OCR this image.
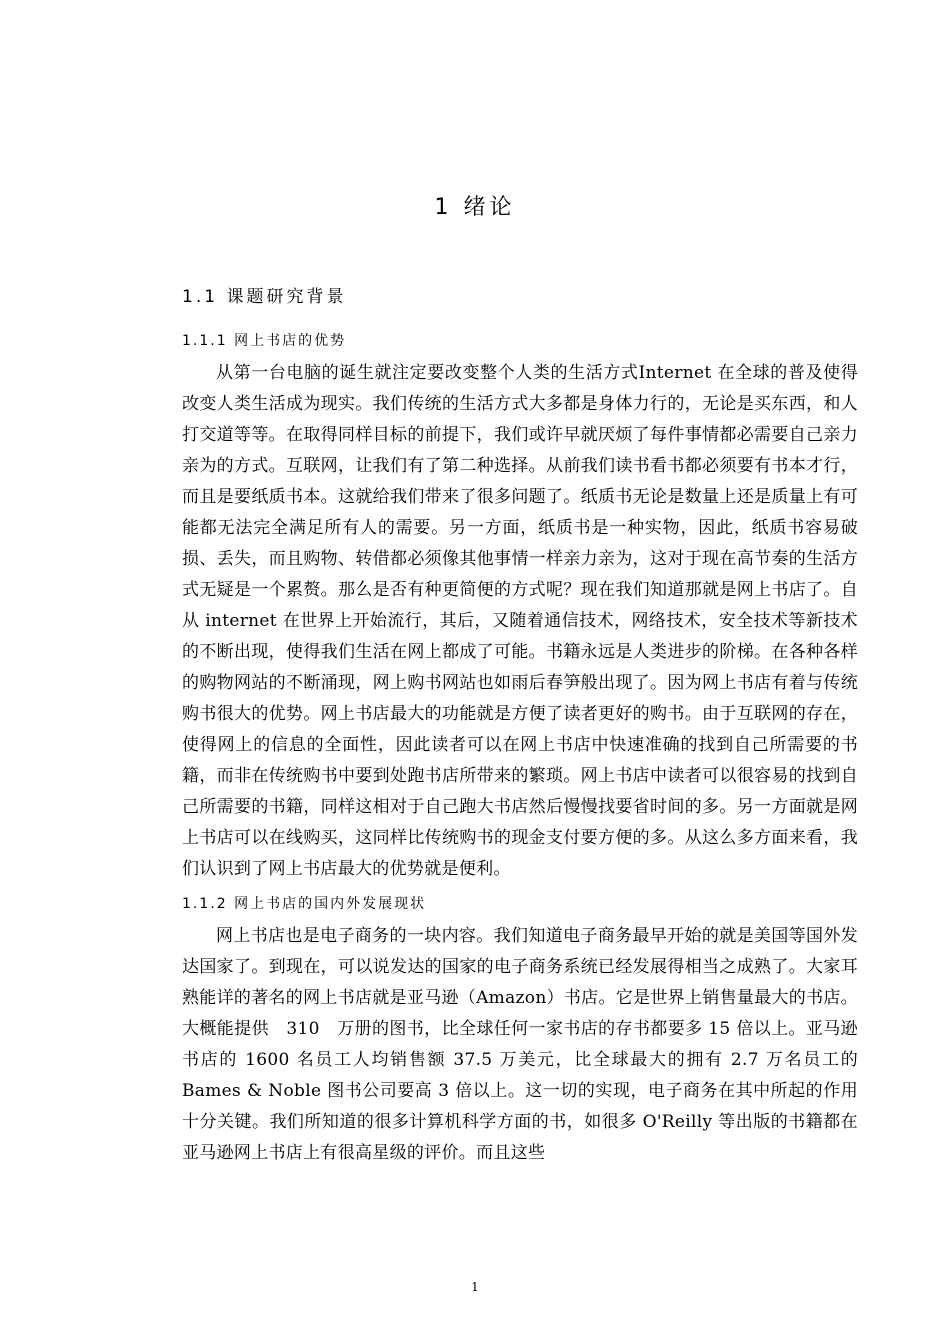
1 绪论
1.1 课题研究背景
1.1.1 网上书店的优势

从第一台电脑的诞生就注定要改变整个人类的生活方式Internet 在全球的普及使得改变人类生活成为现实。我们传统的生活方式大多都是身体力行的，无论是买东西，和人打交道等等。在取得同样目标的前提下，我们或许早就厌烦了每件事情都必需要自己亲力亲为的方式。互联网，让我们有了第二种选择。从前我们读书看书都必须要有书本才行，而且是要纸质书本。这就给我们带来了很多问题了。纸质书无论是数量上还是质量上有可能都无法完全满足所有人的需要。另一方面，纸质书是一种实物，因此，纸质书容易破损、丢失，而且购物、转借都必须像其他事情一样亲力亲为，这对于现在高节奏的生活方式无疑是一个累赘。那么是否有种更简便的方式呢？现在我们知道那就是网上书店了。自从 internet 在世界上开始流行，其后，又随着通信技术，网络技术，安全技术等新技术的不断出现，使得我们生活在网上都成了可能。书籍永远是人类进步的阶梯。在各种各样的购物网站的不断涌现，网上购书网站也如雨后春笋般出现了。因为网上书店有着与传统购书很大的优势。网上书店最大的功能就是方便了读者更好的购书。由于互联网的存在，使得网上的信息的全面性，因此读者可以在网上书店中快速准确的找到自己所需要的书籍，而非在传统购书中要到处跑书店所带来的繁琐。网上书店中读者可以很容易的找到自己所需要的书籍，同样这相对于自己跑大书店然后慢慢找要省时间的多。另一方面就是网上书店可以在线购买，这同样比传统购书的现金支付要方便的多。从这么多方面来看，我们认识到了网上书店最大的优势就是便利。

1.1.2 网上书店的国内外发展现状

网上书店也是电子商务的一块内容。我们知道电子商务最早开始的就是美国等国外发达国家了。到现在，可以说发达的国家的电子商务系统已经发展得相当之成熟了。大家耳熟能详的著名的网上书店就是亚马逊（Amazon）书店。它是世界上销售量最大的书店。大概能提供　310　万册的图书，比全球任何一家书店的存书都要多 15 倍以上。亚马逊书店的 1600 名员工人均销售额 37.5 万美元，比全球最大的拥有 2.7 万名员工的 Bames & Noble 图书公司要高 3 倍以上。这一切的实现，电子商务在其中所起的作用十分关键。我们所知道的很多计算机科学方面的书，如很多 O'Reilly 等出版的书籍都在亚马逊网上书店上有很高星级的评价。而且这些

1
